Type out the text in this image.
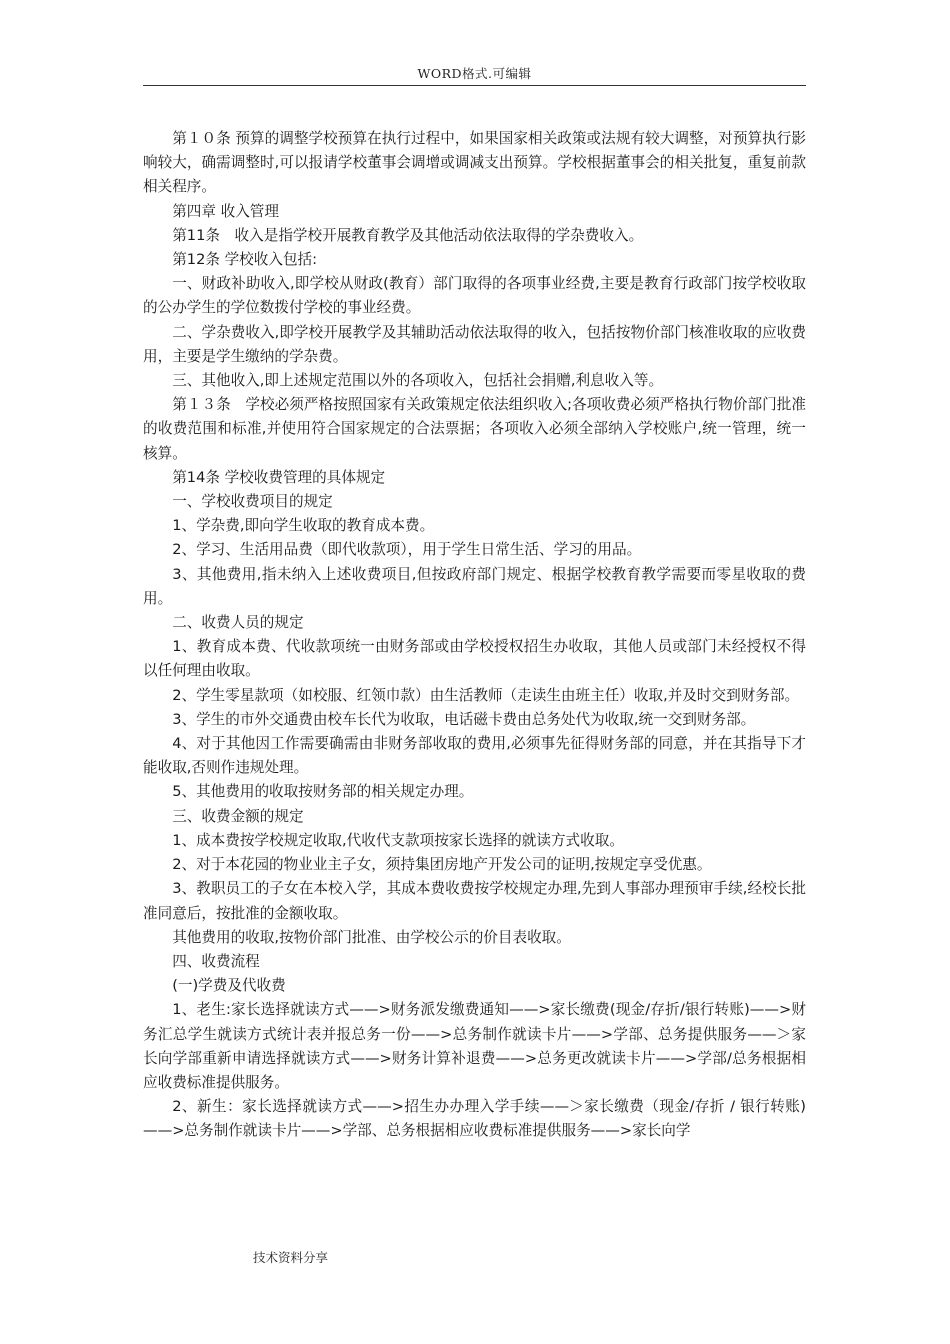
WORD格式.可编辑

第１０条 预算的调整学校预算在执行过程中，如果国家相关政策或法规有较大调整，对预算执行影响较大，确需调整时,可以报请学校董事会调增或调减支出预算。学校根据董事会的相关批复，重复前款相关程序。

第四章 收入管理

第11条　收入是指学校开展教育教学及其他活动依法取得的学杂费收入。

第12条 学校收入包括:

一、财政补助收入,即学校从财政(教育）部门取得的各项事业经费,主要是教育行政部门按学校收取的公办学生的学位数拨付学校的事业经费。

二、学杂费收入,即学校开展教学及其辅助活动依法取得的收入，包括按物价部门核准收取的应收费用，主要是学生缴纳的学杂费。

三、其他收入,即上述规定范围以外的各项收入，包括社会捐赠,利息收入等。

第１３条　学校必须严格按照国家有关政策规定依法组织收入;各项收费必须严格执行物价部门批准的收费范围和标准,并使用符合国家规定的合法票据；各项收入必须全部纳入学校账户,统一管理，统一核算。

第14条 学校收费管理的具体规定

一、学校收费项目的规定

1、学杂费,即向学生收取的教育成本费。

2、学习、生活用品费（即代收款项），用于学生日常生活、学习的用品。

3、其他费用,指未纳入上述收费项目,但按政府部门规定、根据学校教育教学需要而零星收取的费用。

二、收费人员的规定

1、教育成本费、代收款项统一由财务部或由学校授权招生办收取，其他人员或部门未经授权不得以任何理由收取。

2、学生零星款项（如校服、红领巾款）由生活教师（走读生由班主任）收取,并及时交到财务部。

3、学生的市外交通费由校车长代为收取，电话磁卡费由总务处代为收取,统一交到财务部。

4、对于其他因工作需要确需由非财务部收取的费用,必须事先征得财务部的同意，并在其指导下才能收取,否则作违规处理。

5、其他费用的收取按财务部的相关规定办理。

三、收费金额的规定

1、成本费按学校规定收取,代收代支款项按家长选择的就读方式收取。

2、对于本花园的物业业主子女，须持集团房地产开发公司的证明,按规定享受优惠。

3、教职员工的子女在本校入学，其成本费收费按学校规定办理,先到人事部办理预审手续,经校长批准同意后，按批准的金额收取。

其他费用的收取,按物价部门批准、由学校公示的价目表收取。

四、收费流程

(一)学费及代收费

1、老生:家长选择就读方式——>财务派发缴费通知——>家长缴费(现金/存折/银行转账)——>财务汇总学生就读方式统计表并报总务一份——>总务制作就读卡片——>学部、总务提供服务——＞家长向学部重新申请选择就读方式——>财务计算补退费——>总务更改就读卡片——>学部/总务根据相应收费标准提供服务。

2、新生：家长选择就读方式——>招生办办理入学手续——＞家长缴费（现金/存折 / 银行转账)——>总务制作就读卡片——>学部、总务根据相应收费标准提供服务——>家长向学

技术资料分享
